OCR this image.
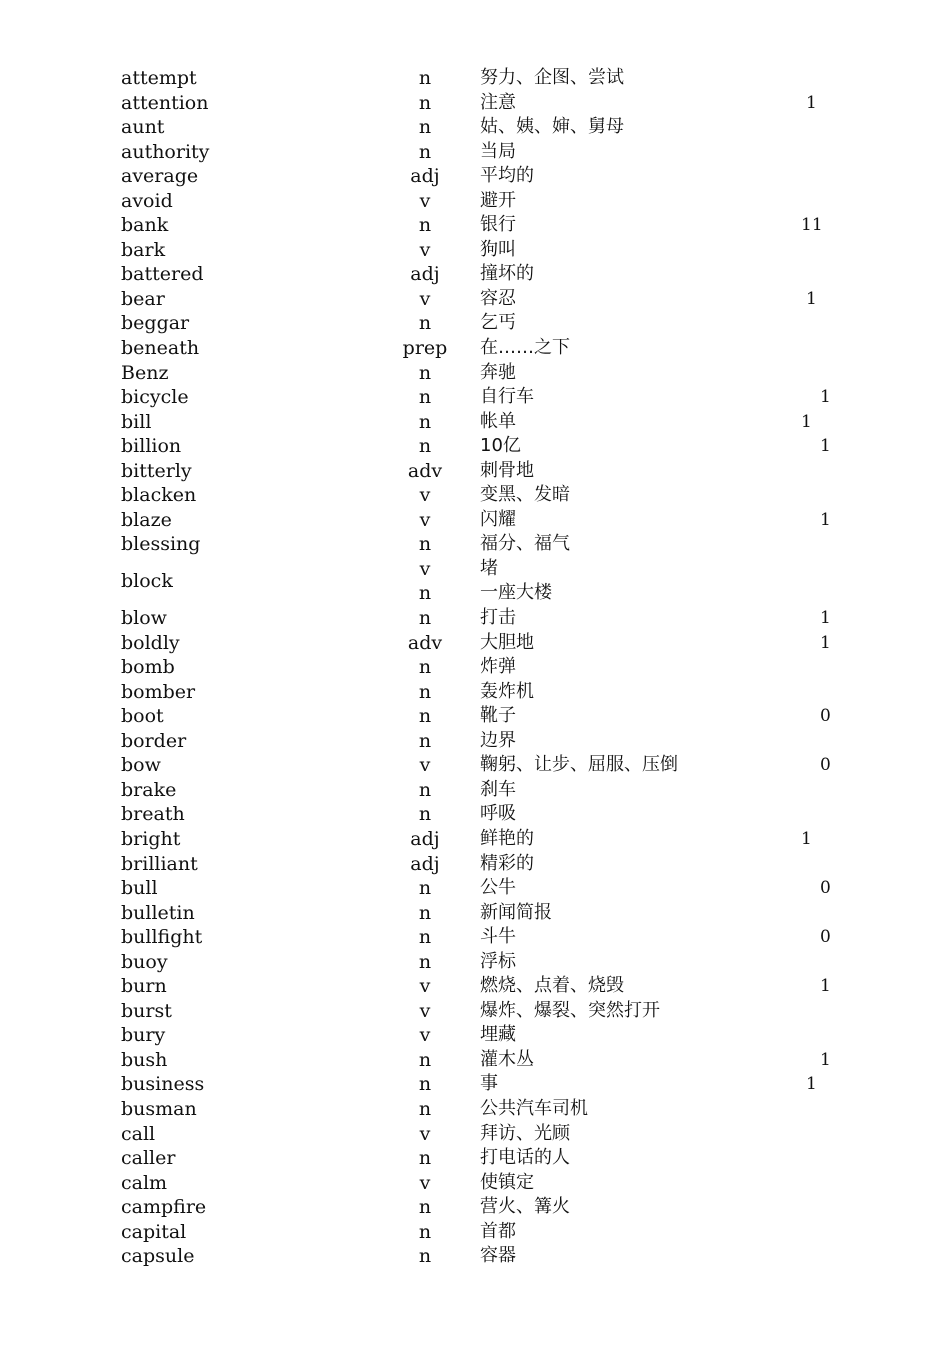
attempt	n	努力、企图、尝试
attention	n	注意	1
aunt	n	姑、姨、婶、舅母
authority	n	当局
average	adj	平均的
avoid	v	避开
bank	n	银行	11
bark	v	狗叫
battered	adj	撞坏的
bear	v	容忍	1
beggar	n	乞丐
beneath	prep	在……之下
Benz	n	奔驰
bicycle	n	自行车	1
bill	n	帐单	1
billion	n	10亿	1
bitterly	adv	刺骨地
blacken	v	变黑、发暗
blaze	v	闪耀	1
blessing	n	福分、福气
block
v	堵
n	一座大楼
blow	n	打击	1
boldly	adv	大胆地	1
bomb	n	炸弹
bomber	n	轰炸机
boot	n	靴子	0
border	n	边界
bow	v	鞠躬、让步、屈服、压倒	0
brake	n	刹车
breath	n	呼吸
bright	adj	鲜艳的	1
brilliant	adj	精彩的
bull	n	公牛	0
bulletin	n	新闻简报
bullfight	n	斗牛	0
buoy	n	浮标
burn	v	燃烧、点着、烧毁	1
burst	v	爆炸、爆裂、突然打开
bury	v	埋藏
bush	n	灌木丛	1
business	n	事	1
busman	n	公共汽车司机
call	v	拜访、光顾
caller	n	打电话的人
calm	v	使镇定
campfire	n	营火、篝火
capital	n	首都
capsule	n	容器
